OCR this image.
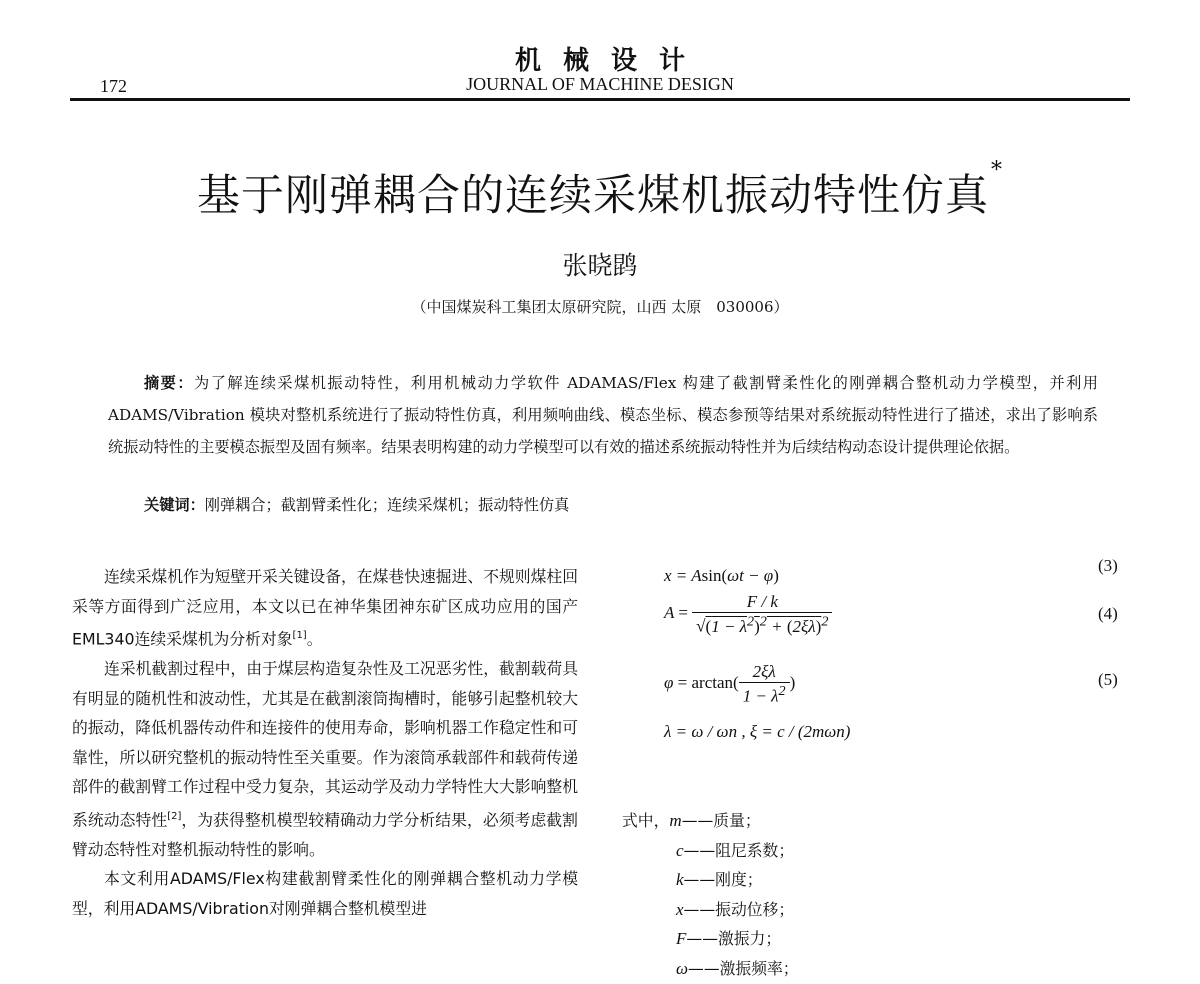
机械设计
172	JOURNAL OF MACHINE DESIGN
基于刚弹耦合的连续采煤机振动特性仿真*
张晓鹍
（中国煤炭科工集团太原研究院，山西 太原　030006）
摘要：为了解连续采煤机振动特性，利用机械动力学软件 ADAMAS/Flex 构建了截割臂柔性化的刚弹耦合整机动力学模型，并利用 ADAMS/Vibration 模块对整机系统进行了振动特性仿真，利用频响曲线、模态坐标、模态参预等结果对系统振动特性进行了描述，求出了影响系统振动特性的主要模态振型及固有频率。结果表明构建的动力学模型可以有效的描述系统振动特性并为后续结构动态设计提供理论依据。
关键词：刚弹耦合；截割臂柔性化；连续采煤机；振动特性仿真

连续采煤机作为短壁开采关键设备，在煤巷快速掘进、不规则煤柱回采等方面得到广泛应用，本文以已在神华集团神东矿区成功应用的国产EML340连续采煤机为分析对象[1]。

连采机截割过程中，由于煤层构造复杂性及工况恶劣性，截割载荷具有明显的随机性和波动性，尤其是在截割滚筒掏槽时，能够引起整机较大的振动，降低机器传动件和连接件的使用寿命，影响机器工作稳定性和可靠性，所以研究整机的振动特性至关重要。作为滚筒承载部件和载荷传递部件的截割臂工作过程中受力复杂，其运动学及动力学特性大大影响整机系统动态特性[2]，为获得整机模型较精确动力学分析结果，必须考虑截割臂动态特性对整机振动特性的影响。

本文利用ADAMS/Flex构建截割臂柔性化的刚弹耦合整机动力学模型，利用ADAMS/Vibration对刚弹耦合整机模型进

x = Asin(ωt − φ)
(3)
$A = \frac{F / k}{√(1 - \lambda^2)^2 + (2\xi\lambda)^2}$	(4)
$\varphi = \arctan( \frac{2\xi\lambda}{1 - \lambda^2}$ )	(5)
λ = ω / ωn , ξ = c / (2mωn)
式中，m——质量；
c——阻尼系数；
k——刚度；
x——振动位移；
F——激振力；
ω——激振频率；
